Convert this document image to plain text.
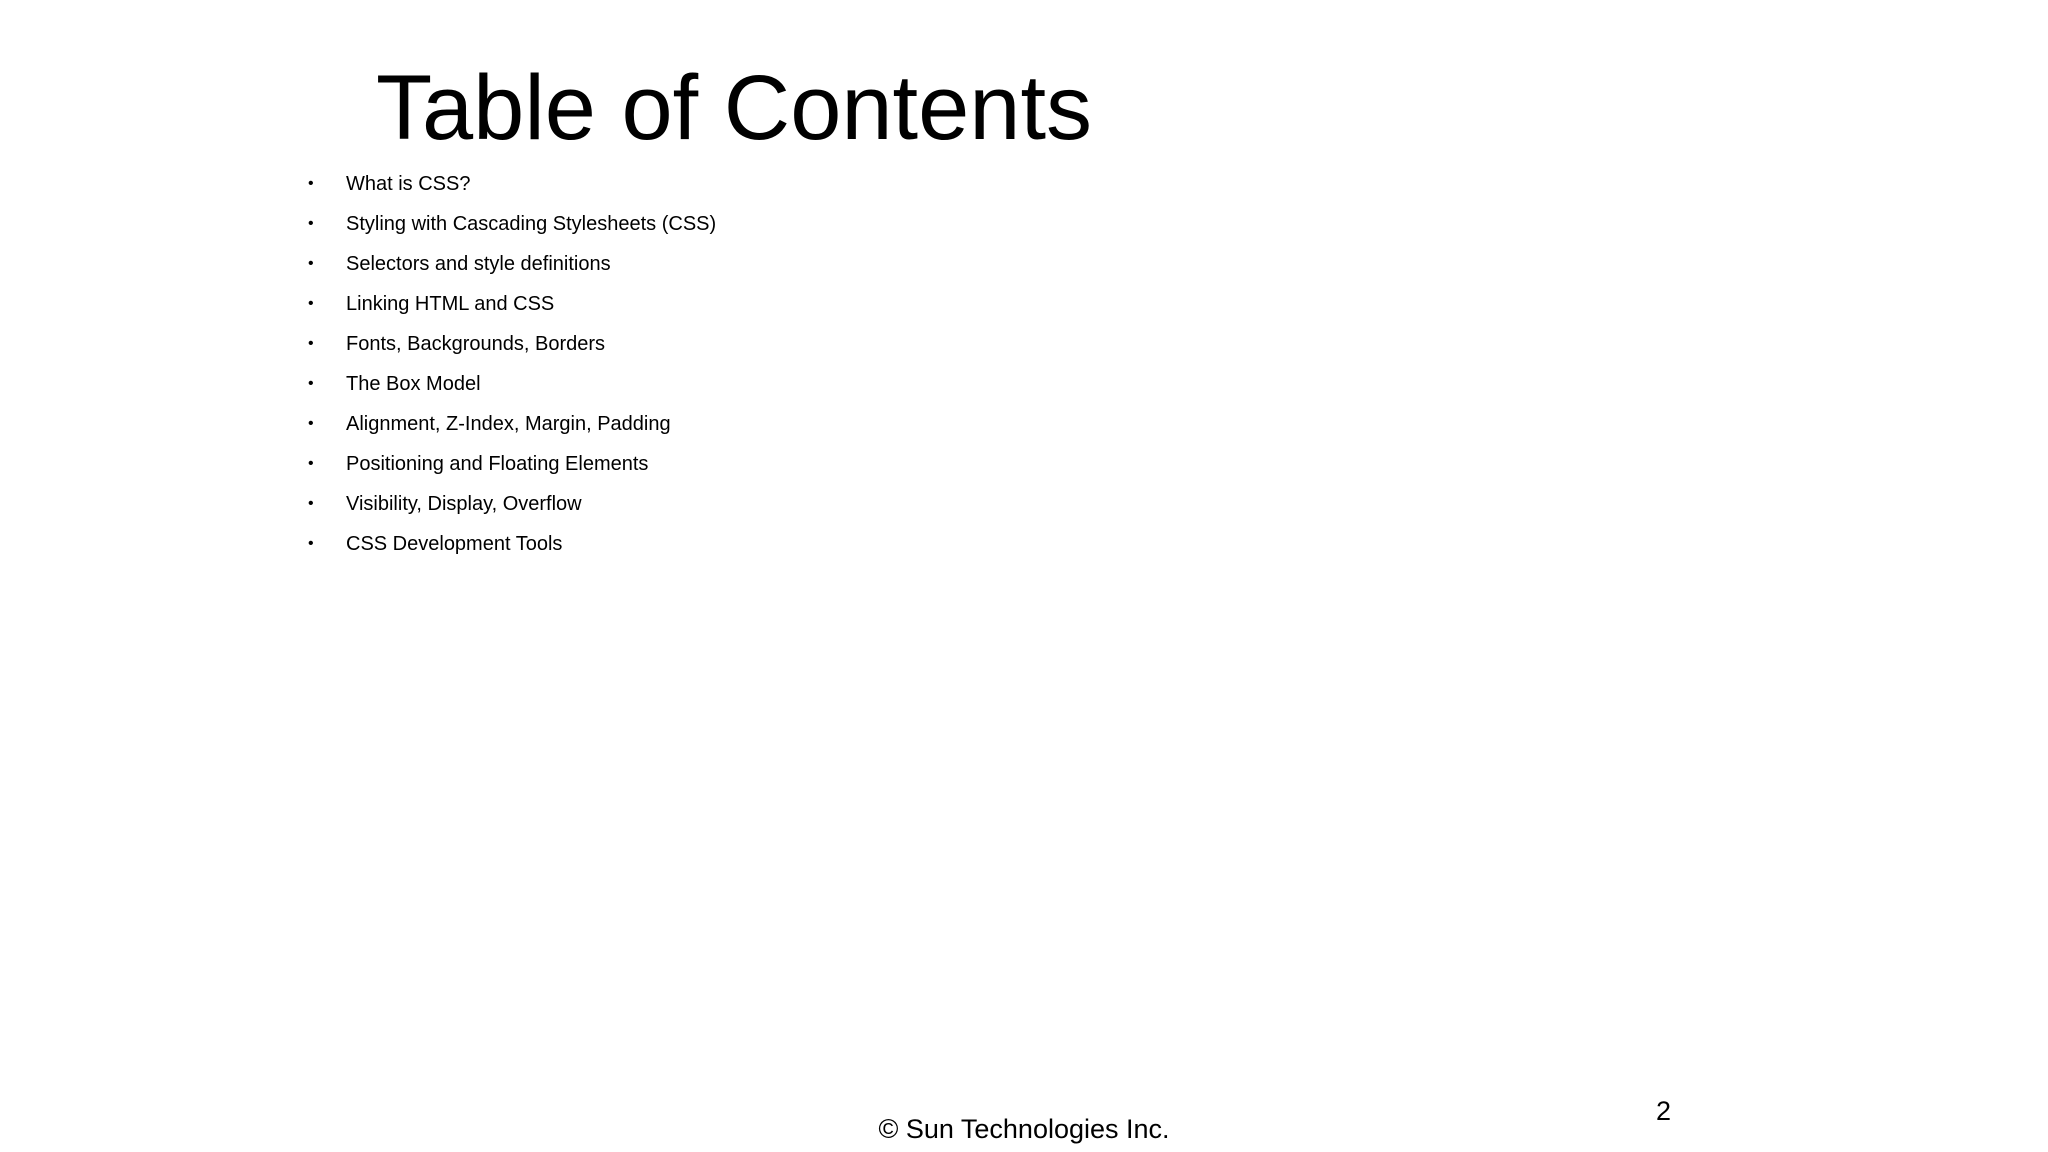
Table of Contents
•	What is CSS?
•	Styling with Cascading Stylesheets (CSS)
•	Selectors and style definitions
•	Linking HTML and CSS
•	Fonts, Backgrounds, Borders
•	The Box Model
•	Alignment, Z-Index, Margin, Padding
•	Positioning and Floating Elements
•	Visibility, Display, Overflow
•	CSS Development Tools
© Sun Technologies Inc.
2
